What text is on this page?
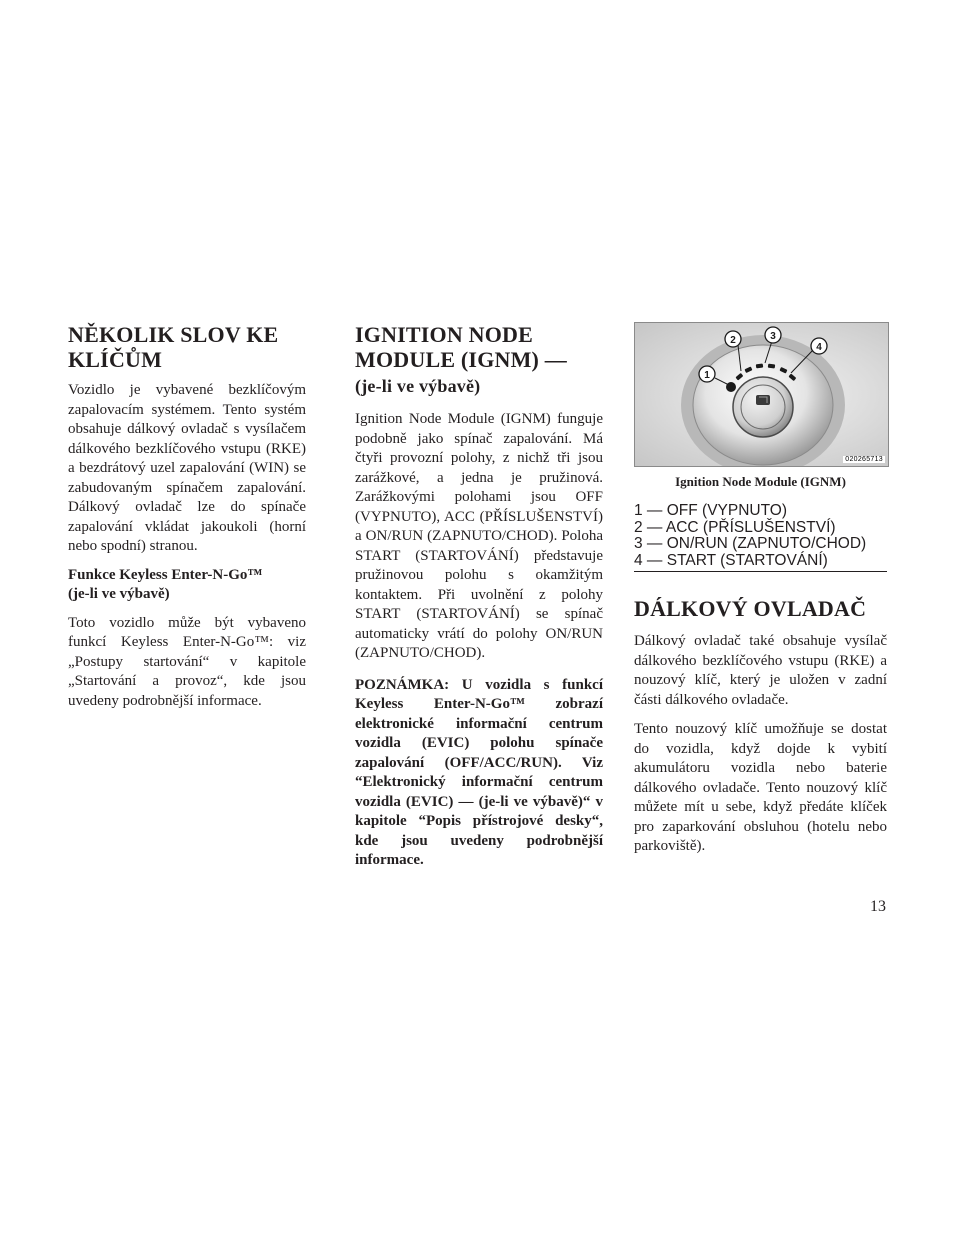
NĚKOLIK SLOV KE
KLÍČŮM

Vozidlo je vybavené bezklíčovým zapalovacím systémem. Tento systém obsahuje dálkový ovladač s vysílačem dálkového bezklíčového vstupu (RKE) a bezdrátový uzel zapalování (WIN) se zabudovaným spínačem zapalování. Dálkový ovladač lze do spínače zapalování vkládat jakoukoli (horní nebo spodní) stranou.

Funkce Keyless Enter-N-Go™
(je-li ve výbavě)

Toto vozidlo může být vybaveno funkcí Keyless Enter-N-Go™: viz „Postupy startování“ v kapitole „Startování a provoz“, kde jsou uvedeny podrobnější informace.

IGNITION NODE
MODULE (IGNM) —
(je-li ve výbavě)

Ignition Node Module (IGNM) funguje podobně jako spínač zapalování. Má čtyři provozní polohy, z nichž tři jsou zarážkové, a jedna je pružinová. Zarážkovými polohami jsou OFF (VYPNUTO), ACC (PŘÍSLUŠENSTVÍ) a ON/RUN (ZAPNUTO/CHOD). Poloha START (STARTOVÁNÍ) představuje pružinovou polohu s okamžitým kontaktem. Při uvolnění z polohy START (STARTOVÁNÍ) se spínač automaticky vrátí do polohy ON/RUN (ZAPNUTO/CHOD).

POZNÁMKA: U vozidla s funkcí Keyless Enter-N-Go™ zobrazí elektronické informační centrum vozidla (EVIC) polohu spínače zapalování (OFF/ACC/RUN). Viz “Elektronický informační centrum vozidla (EVIC) — (je-li ve výbavě)“ v kapitole “Popis přístrojové desky“, kde jsou uvedeny podrobnější informace.

1
2	3
4
020265713
Ignition Node Module (IGNM)
1 — OFF (VYPNUTO)
2 — ACC (PŘÍSLUŠENSTVÍ)
3 — ON/RUN (ZAPNUTO/CHOD)
4 — START (STARTOVÁNÍ)
DÁLKOVÝ OVLADAČ

Dálkový ovladač také obsahuje vysílač dálkového bezklíčového vstupu (RKE) a nouzový klíč, který je uložen v zadní části dálkového ovladače.

Tento nouzový klíč umožňuje se dostat do vozidla, když dojde k vybití akumulátoru vozidla nebo baterie dálkového ovladače. Tento nouzový klíč můžete mít u sebe, když předáte klíček pro zaparkování obsluhou (hotelu nebo parkoviště).

13
